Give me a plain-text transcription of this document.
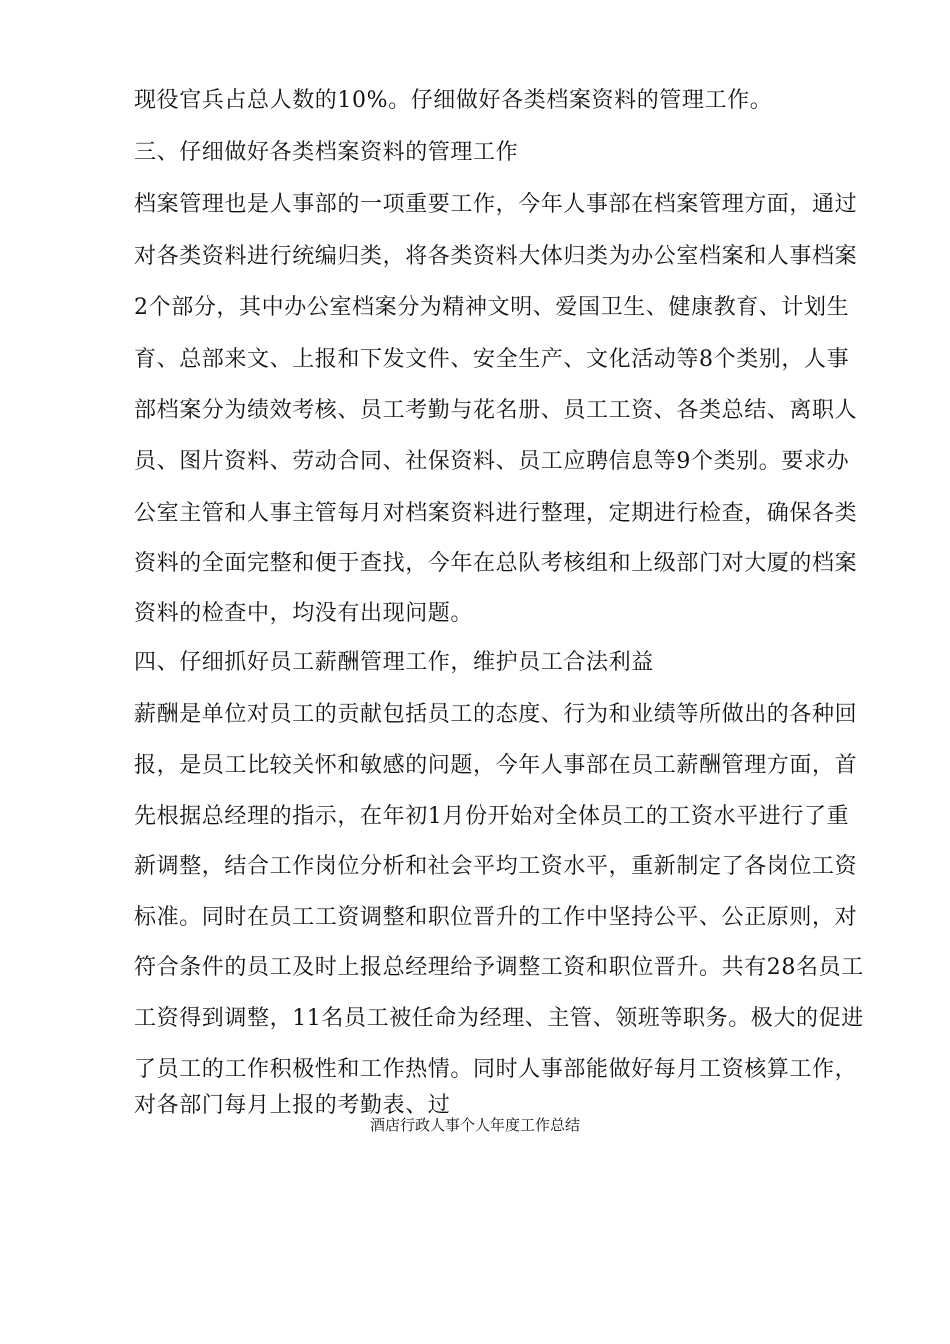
现役官兵占总人数的10%。仔细做好各类档案资料的管理工作。
三、仔细做好各类档案资料的管理工作
档案管理也是人事部的一项重要工作，今年人事部在档案管理方面，通过
对各类资料进行统编归类，将各类资料大体归类为办公室档案和人事档案
2个部分，其中办公室档案分为精神文明、爱国卫生、健康教育、计划生
育、总部来文、上报和下发文件、安全生产、文化活动等8个类别，人事
部档案分为绩效考核、员工考勤与花名册、员工工资、各类总结、离职人
员、图片资料、劳动合同、社保资料、员工应聘信息等9个类别。要求办
公室主管和人事主管每月对档案资料进行整理，定期进行检查，确保各类
资料的全面完整和便于查找，今年在总队考核组和上级部门对大厦的档案
资料的检查中，均没有出现问题。
四、仔细抓好员工薪酬管理工作，维护员工合法利益
薪酬是单位对员工的贡献包括员工的态度、行为和业绩等所做出的各种回
报，是员工比较关怀和敏感的问题，今年人事部在员工薪酬管理方面，首
先根据总经理的指示，在年初1月份开始对全体员工的工资水平进行了重
新调整，结合工作岗位分析和社会平均工资水平，重新制定了各岗位工资
标准。同时在员工工资调整和职位晋升的工作中坚持公平、公正原则，对
符合条件的员工及时上报总经理给予调整工资和职位晋升。共有28名员工
工资得到调整，11名员工被任命为经理、主管、领班等职务。极大的促进
了员工的工作积极性和工作热情。同时人事部能做好每月工资核算工作，
对各部门每月上报的考勤表、过
酒店行政人事个人年度工作总结
